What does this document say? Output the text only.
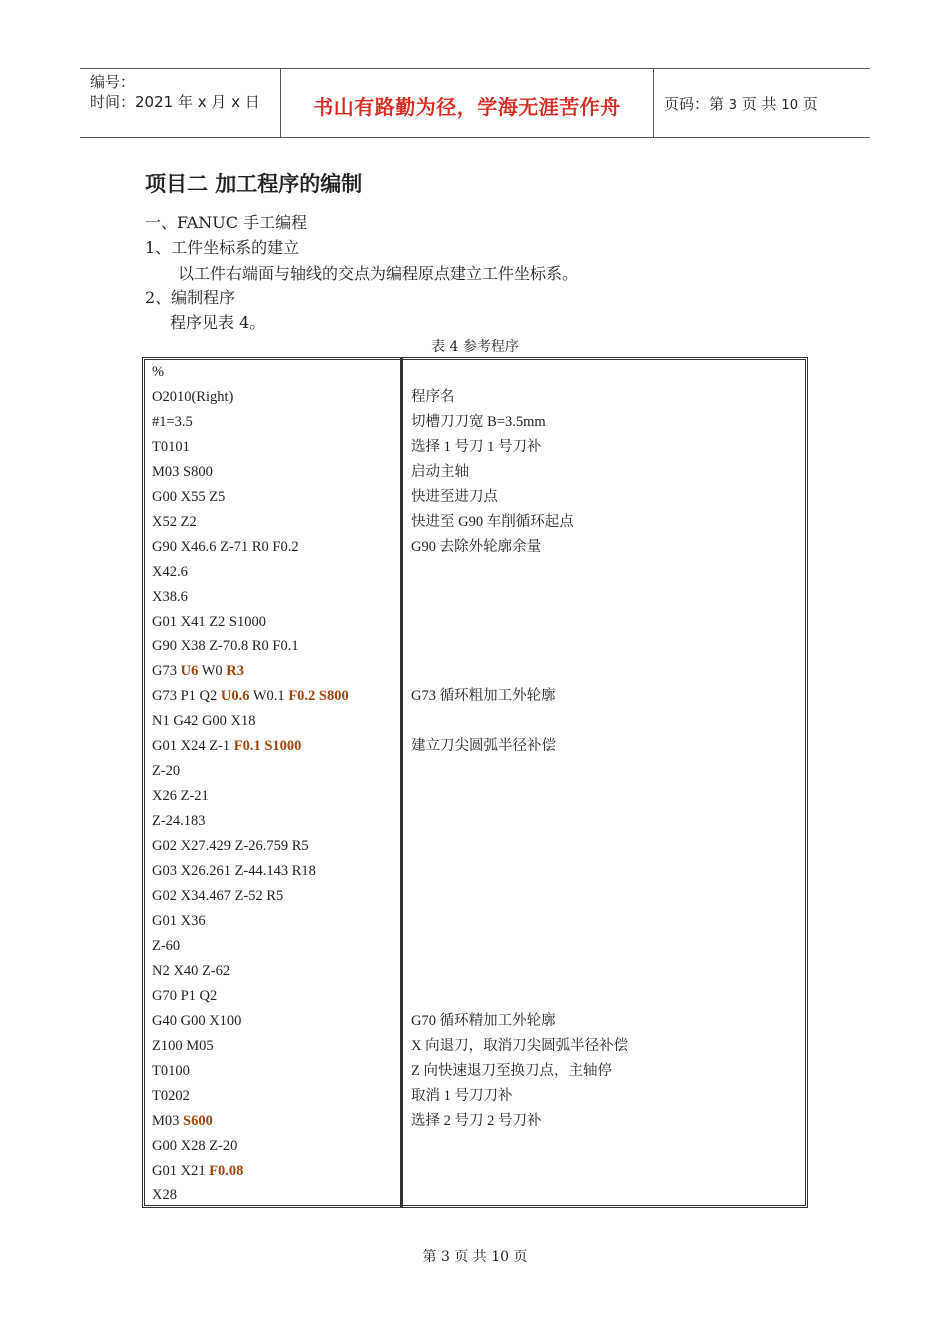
编号：
时间：2021 年 x 月 x 日	书山有路勤为径，学海无涯苦作舟	页码：第 3 页 共 10 页
项目二 加工程序的编制
一、FANUC 手工编程
1、工件坐标系的建立
以工件右端面与轴线的交点为编程原点建立工件坐标系。
2、编制程序
程序见表 4。
表 4 参考程序
%
O2010(Right)
#1=3.5
T0101
M03 S800
G00 X55 Z5
X52 Z2
G90 X46.6 Z-71 R0 F0.2
X42.6
X38.6
G01 X41 Z2 S1000
G90 X38 Z-70.8 R0 F0.1
G73 U6 W0 R3
G73 P1 Q2 U0.6 W0.1 F0.2 S800
N1 G42 G00 X18
G01 X24 Z-1 F0.1 S1000
Z-20
X26 Z-21
Z-24.183
G02 X27.429 Z-26.759 R5
G03 X26.261 Z-44.143 R18
G02 X34.467 Z-52 R5
G01 X36
Z-60
N2 X40 Z-62
G70 P1 Q2
G40 G00 X100
Z100 M05
T0100
T0202
M03 S600
G00 X28 Z-20
G01 X21 F0.08
X28
程序名
切槽刀刀宽 B=3.5mm
选择 1 号刀 1 号刀补
启动主轴
快进至进刀点
快进至 G90 车削循环起点
G90 去除外轮廓余量
G73 循环粗加工外轮廓
建立刀尖圆弧半径补偿
G70 循环精加工外轮廓
X 向退刀，取消刀尖圆弧半径补偿
Z 向快速退刀至换刀点，主轴停
取消 1 号刀刀补
选择 2 号刀 2 号刀补
第 3 页 共 10 页
